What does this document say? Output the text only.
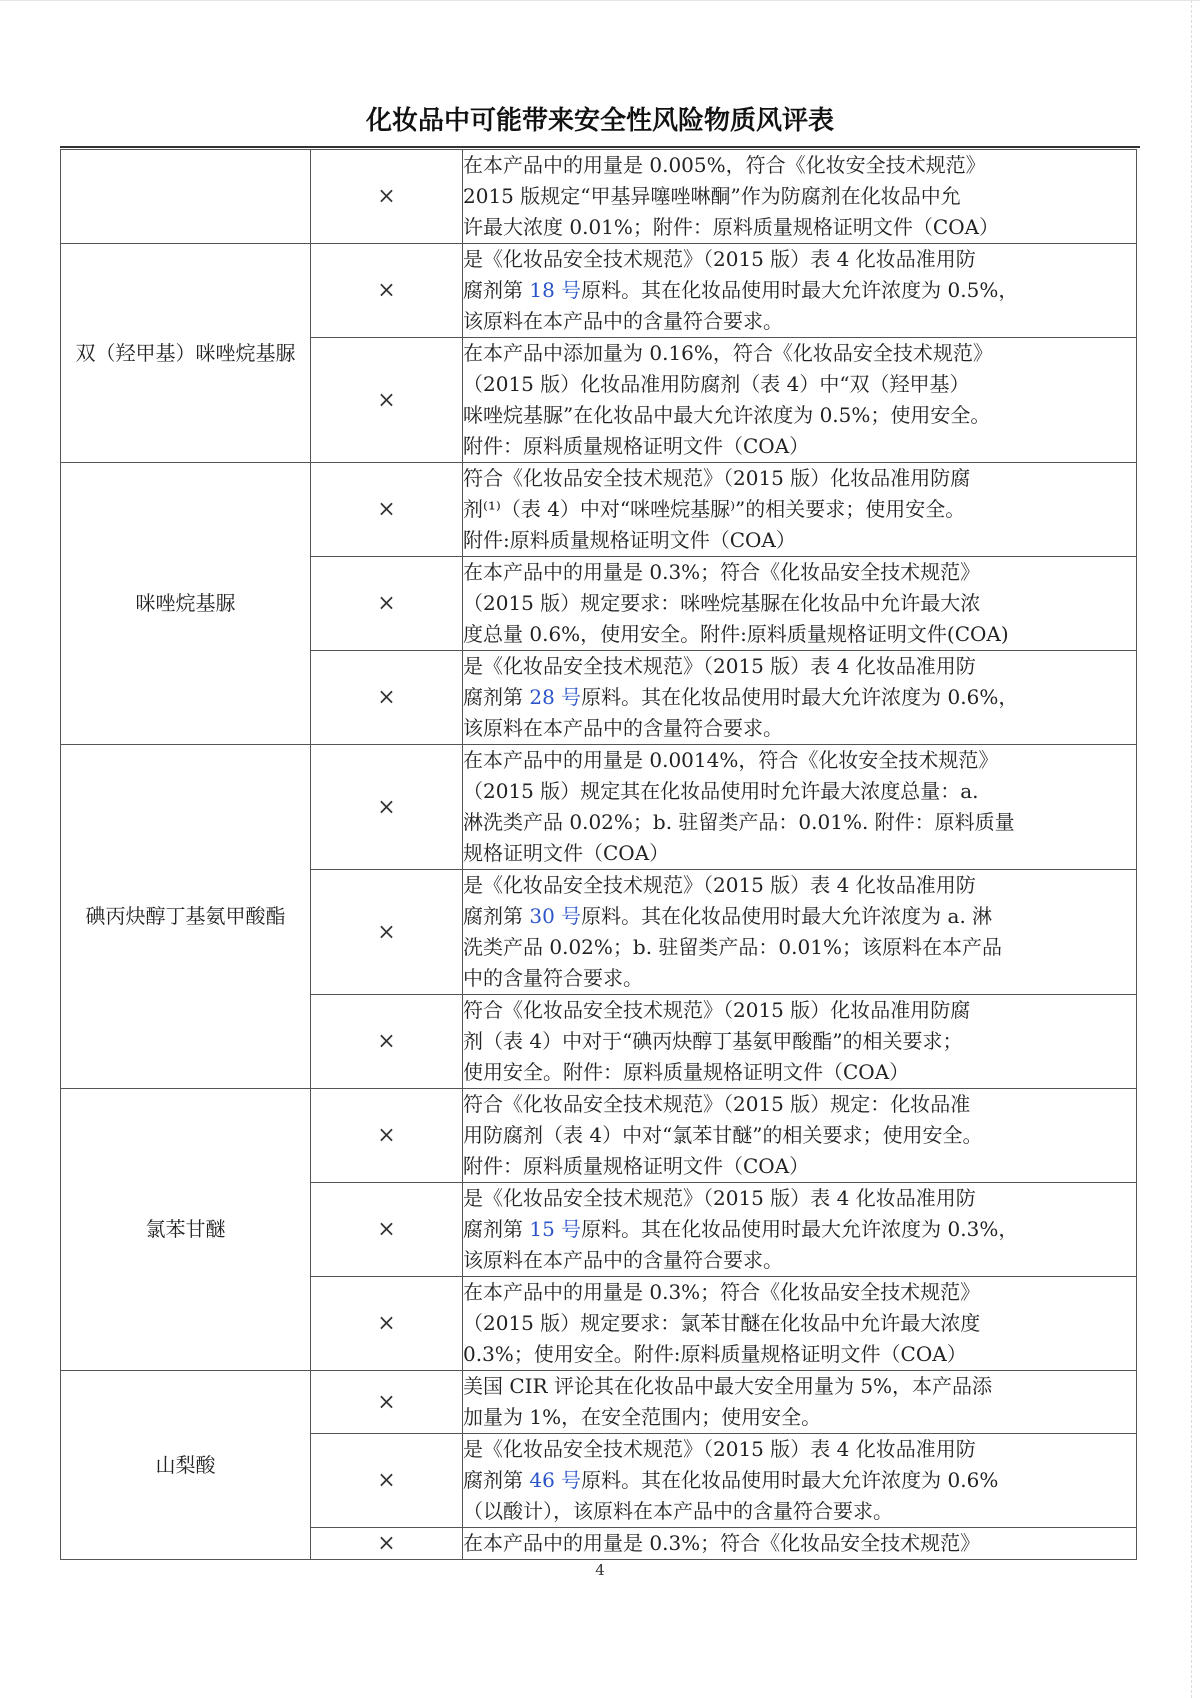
化妆品中可能带来安全性风险物质风评表
	×	在本产品中的用量是 0.005%，符合《化妆安全技术规范》
2015 版规定“甲基异噻唑啉酮”作为防腐剂在化妆品中允
许最大浓度 0.01%；附件：原料质量规格证明文件（COA）
双（羟甲基）咪唑烷基脲	×	是《化妆品安全技术规范》（2015 版）表 4 化妆品准用防
腐剂第 18 号原料。其在化妆品使用时最大允许浓度为 0.5%，
该原料在本产品中的含量符合要求。
	×	在本产品中添加量为 0.16%，符合《化妆品安全技术规范》
（2015 版）化妆品准用防腐剂（表 4）中“双（羟甲基）
咪唑烷基脲”在化妆品中最大允许浓度为 0.5%；使用安全。
附件：原料质量规格证明文件（COA）
咪唑烷基脲	×	符合《化妆品安全技术规范》（2015 版）化妆品准用防腐
剂⁽¹⁾（表 4）中对“咪唑烷基脲⁾”的相关要求；使用安全。
附件:原料质量规格证明文件（COA）
	×	在本产品中的用量是 0.3%；符合《化妆品安全技术规范》
（2015 版）规定要求：咪唑烷基脲在化妆品中允许最大浓
度总量 0.6%，使用安全。附件:原料质量规格证明文件(COA)
	×	是《化妆品安全技术规范》（2015 版）表 4 化妆品准用防
腐剂第 28 号原料。其在化妆品使用时最大允许浓度为 0.6%，
该原料在本产品中的含量符合要求。
碘丙炔醇丁基氨甲酸酯	×	在本产品中的用量是 0.0014%，符合《化妆安全技术规范》
（2015 版）规定其在化妆品使用时允许最大浓度总量：a.
淋洗类产品 0.02%；b. 驻留类产品：0.01%. 附件：原料质量
规格证明文件（COA）
	×	是《化妆品安全技术规范》（2015 版）表 4 化妆品准用防
腐剂第 30 号原料。其在化妆品使用时最大允许浓度为 a. 淋
洗类产品 0.02%；b. 驻留类产品：0.01%；该原料在本产品
中的含量符合要求。
	×	符合《化妆品安全技术规范》（2015 版）化妆品准用防腐
剂（表 4）中对于“碘丙炔醇丁基氨甲酸酯”的相关要求；
使用安全。附件：原料质量规格证明文件（COA）
氯苯甘醚	×	符合《化妆品安全技术规范》（2015 版）规定：化妆品准
用防腐剂（表 4）中对“氯苯甘醚”的相关要求；使用安全。
附件：原料质量规格证明文件（COA）
	×	是《化妆品安全技术规范》（2015 版）表 4 化妆品准用防
腐剂第 15 号原料。其在化妆品使用时最大允许浓度为 0.3%，
该原料在本产品中的含量符合要求。
	×	在本产品中的用量是 0.3%；符合《化妆品安全技术规范》
（2015 版）规定要求：氯苯甘醚在化妆品中允许最大浓度
0.3%；使用安全。附件:原料质量规格证明文件（COA）
山梨酸	×	美国 CIR 评论其在化妆品中最大安全用量为 5%，本产品添
加量为 1%，在安全范围内；使用安全。
	×	是《化妆品安全技术规范》（2015 版）表 4 化妆品准用防
腐剂第 46 号原料。其在化妆品使用时最大允许浓度为 0.6%
（以酸计），该原料在本产品中的含量符合要求。
	×	在本产品中的用量是 0.3%；符合《化妆品安全技术规范》
4
